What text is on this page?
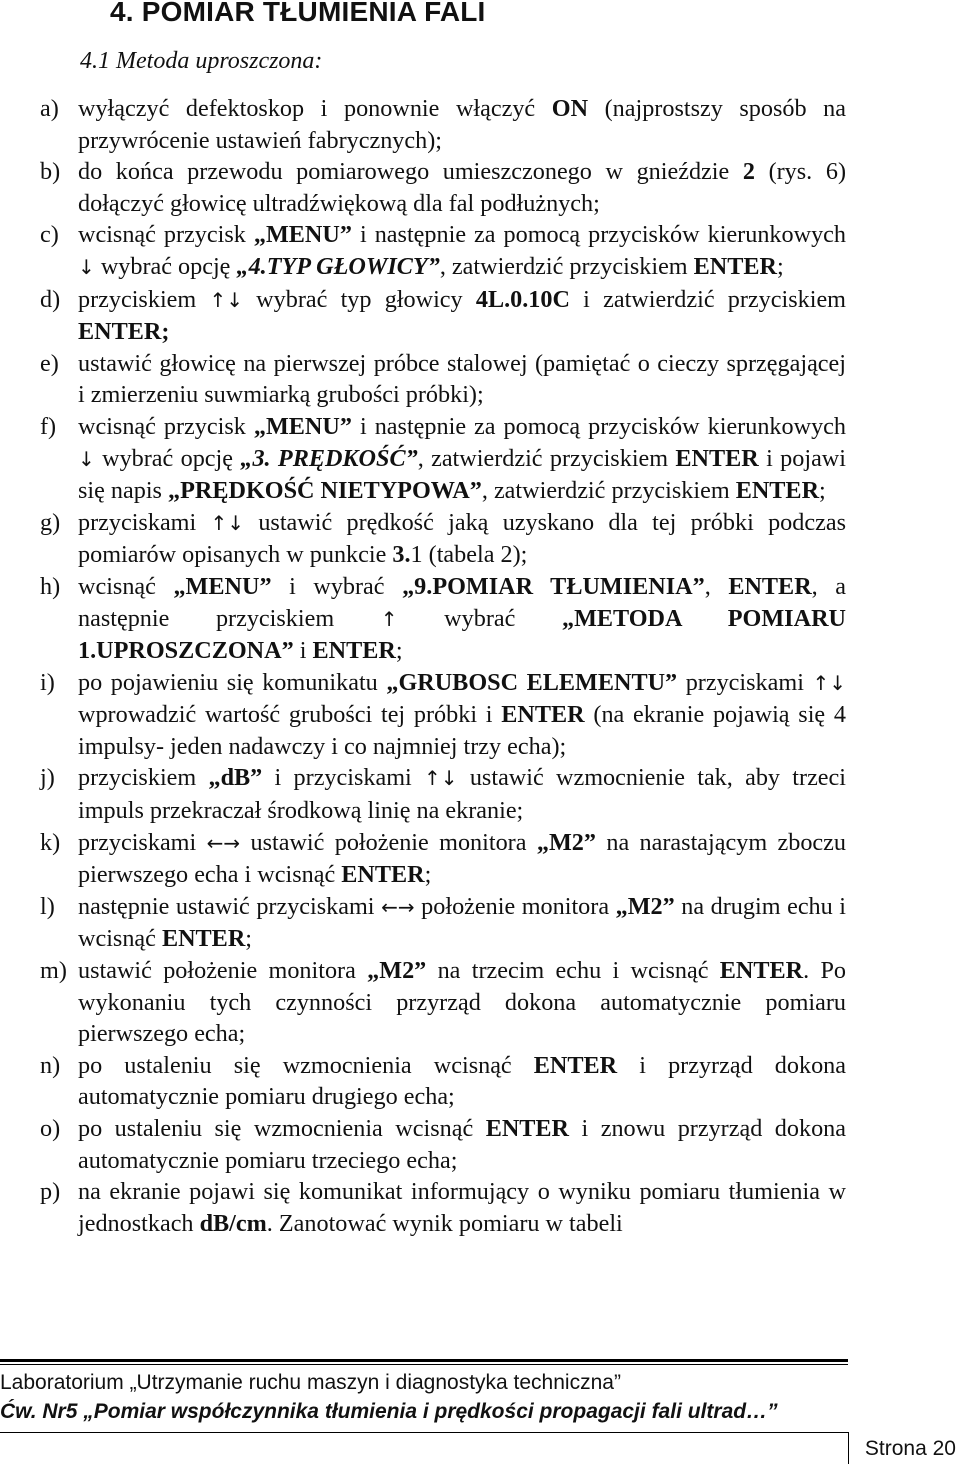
4. POMIAR TŁUMIENIA FALI
4.1 Metoda uproszczona:
a) wyłączyć defektoskop i ponownie włączyć ON (najprostszy sposób na przywrócenie ustawień fabrycznych);
b) do końca przewodu pomiarowego umieszczonego w gnieździe 2 (rys. 6) dołączyć głowicę ultradźwiękową dla fal podłużnych;
c) wcisnąć przycisk „MENU” i następnie za pomocą przycisków kierunkowych ↓ wybrać opcję „4.TYP GŁOWICY”, zatwierdzić przyciskiem ENTER;
d) przyciskiem ↑↓ wybrać typ głowicy 4L.0.10C i zatwierdzić przyciskiem ENTER;
e) ustawić głowicę na pierwszej próbce stalowej (pamiętać o cieczy sprzęgającej i zmierzeniu suwmiarką grubości próbki);
f) wcisnąć przycisk „MENU” i następnie za pomocą przycisków kierunkowych ↓ wybrać opcję „3. PRĘDKOŚĆ”, zatwierdzić przyciskiem ENTER i pojawi się napis „PRĘDKOŚĆ NIETYPOWA”, zatwierdzić przyciskiem ENTER;
g) przyciskami ↑↓ ustawić prędkość jaką uzyskano dla tej próbki podczas pomiarów opisanych w punkcie 3.1 (tabela 2);
h) wcisnąć „MENU” i wybrać „9.POMIAR TŁUMIENIA”, ENTER, a następnie przyciskiem ↑ wybrać „METODA POMIARU 1.UPROSZCZONA” i ENTER;
i) po pojawieniu się komunikatu „GRUBOSC ELEMENTU” przyciskami ↑↓ wprowadzić wartość grubości tej próbki i ENTER (na ekranie pojawią się 4 impulsy- jeden nadawczy i co najmniej trzy echa);
j) przyciskiem „dB” i przyciskami ↑↓ ustawić wzmocnienie tak, aby trzeci impuls przekraczał środkową linię na ekranie;
k) przyciskami ←→ ustawić położenie monitora „M2” na narastającym zboczu pierwszego echa i wcisnąć ENTER;
l) następnie ustawić przyciskami ←→ położenie monitora „M2” na drugim echu i wcisnąć ENTER;
m) ustawić położenie monitora „M2” na trzecim echu i wcisnąć ENTER. Po wykonaniu tych czynności przyrząd dokona automatycznie pomiaru pierwszego echa;
n) po ustaleniu się wzmocnienia wcisnąć ENTER i przyrząd dokona automatycznie pomiaru drugiego echa;
o) po ustaleniu się wzmocnienia wcisnąć ENTER i znowu przyrząd dokona automatycznie pomiaru trzeciego echa;
p) na ekranie pojawi się komunikat informujący o wyniku pomiaru tłumienia w jednostkach dB/cm. Zanotować wynik pomiaru w tabeli
Laboratorium „Utrzymanie ruchu maszyn i diagnostyka techniczna”
Ćw. Nr5 „Pomiar współczynnika tłumienia i prędkości propagacji fali ultrad…”
Strona 20
